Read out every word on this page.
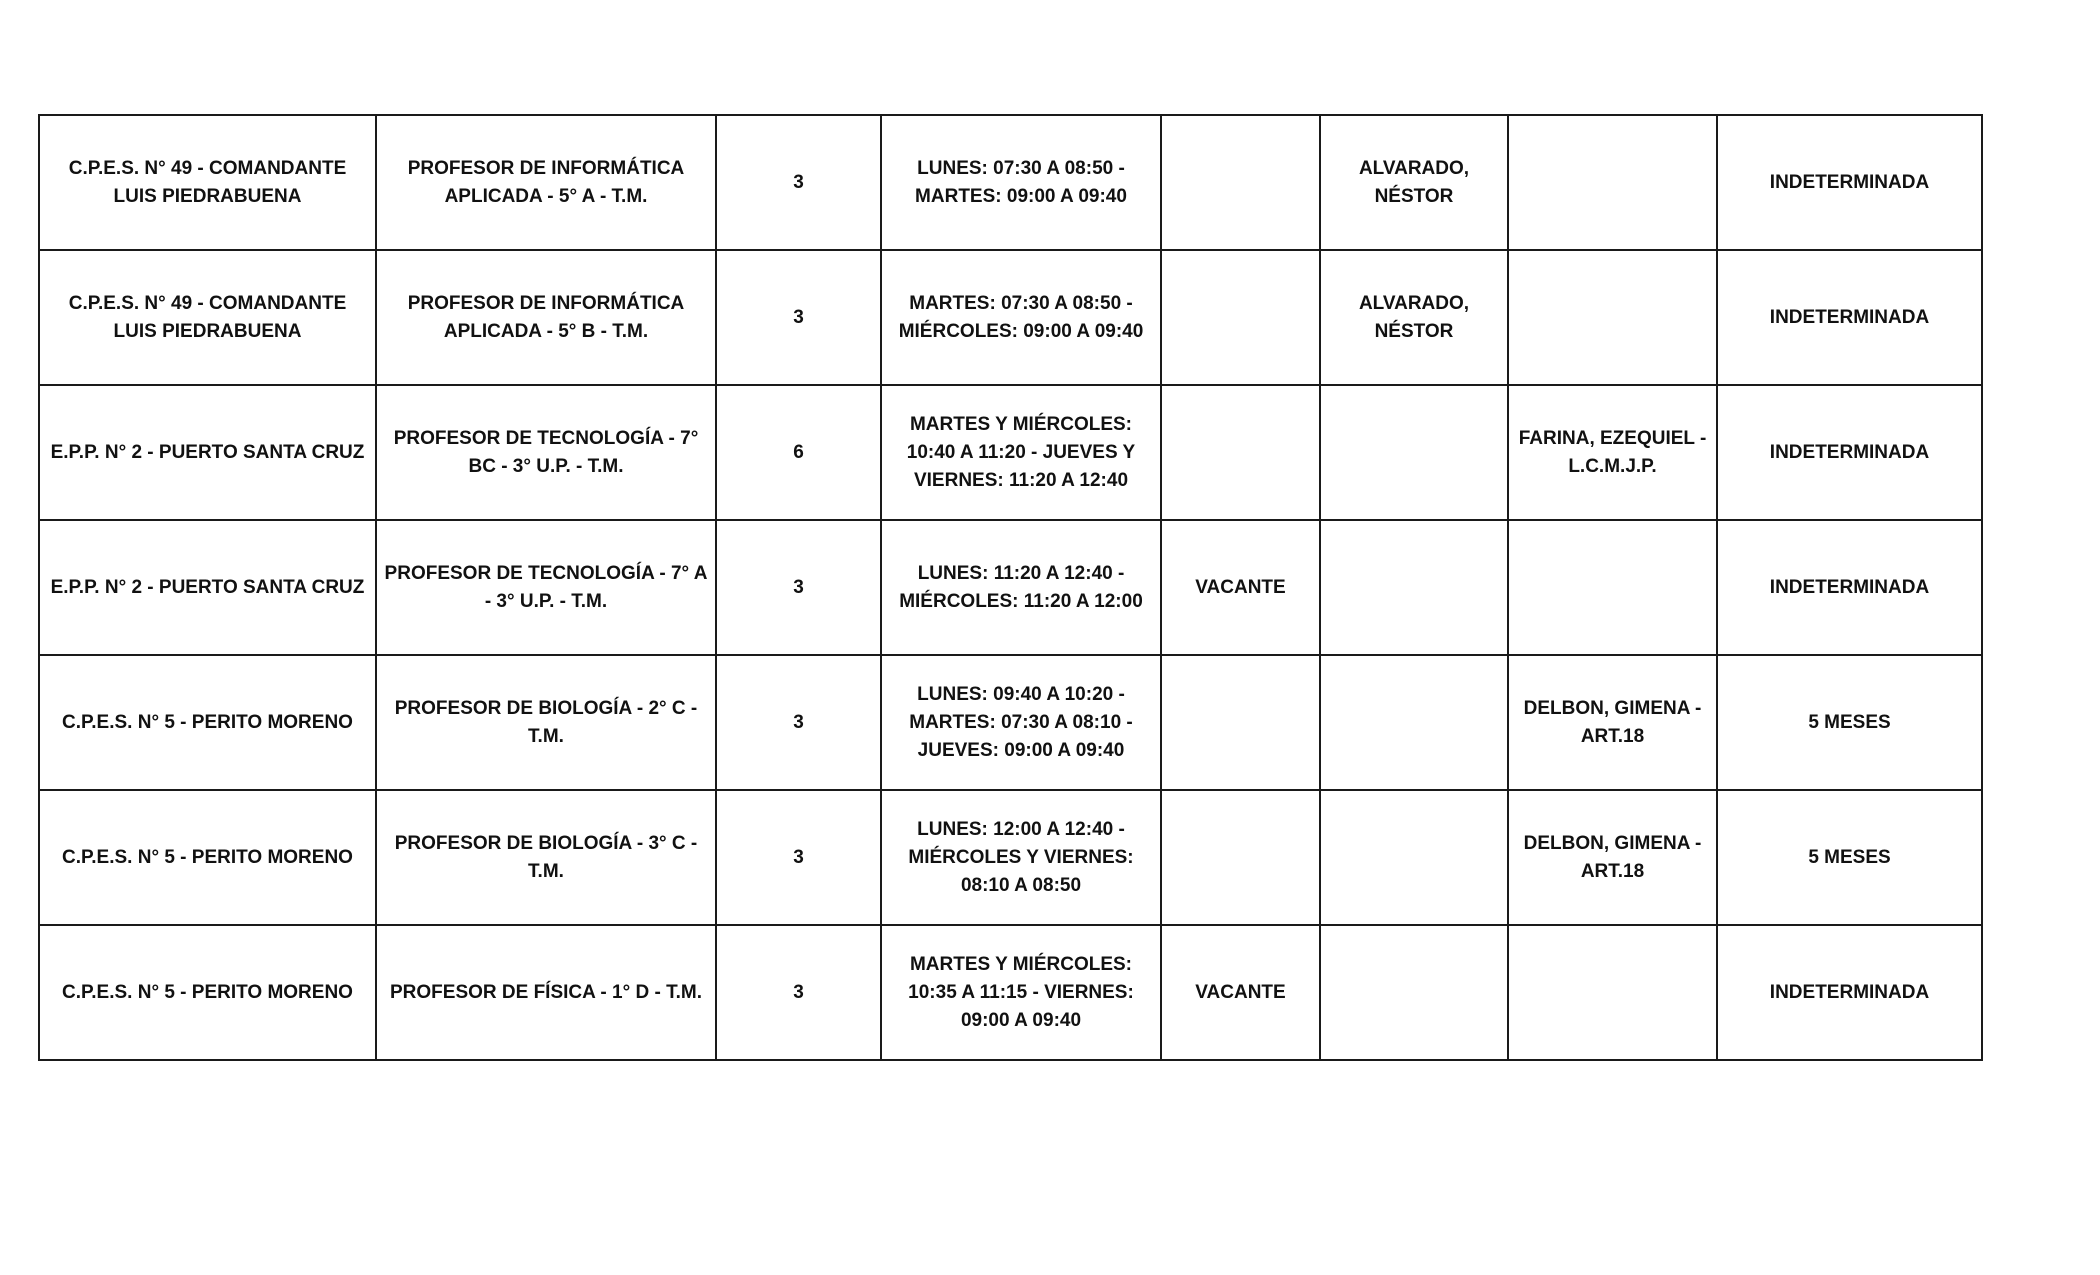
C.P.E.S. N° 49 - COMANDANTE LUIS PIEDRABUENA	PROFESOR DE INFORMÁTICA APLICADA - 5° A - T.M.	3	LUNES: 07:30 A 08:50 - MARTES: 09:00 A 09:40		ALVARADO, NÉSTOR		INDETERMINADA
C.P.E.S. N° 49 - COMANDANTE LUIS PIEDRABUENA	PROFESOR DE INFORMÁTICA APLICADA - 5° B - T.M.	3	MARTES: 07:30 A 08:50 - MIÉRCOLES: 09:00 A 09:40		ALVARADO, NÉSTOR		INDETERMINADA
E.P.P. N° 2 - PUERTO SANTA CRUZ	PROFESOR DE TECNOLOGÍA - 7° BC - 3° U.P. - T.M.	6	MARTES Y MIÉRCOLES: 10:40 A 11:20 - JUEVES Y VIERNES: 11:20 A 12:40			FARINA, EZEQUIEL - L.C.M.J.P.	INDETERMINADA
E.P.P. N° 2 - PUERTO SANTA CRUZ	PROFESOR DE TECNOLOGÍA - 7° A - 3° U.P. - T.M.	3	LUNES: 11:20 A 12:40 - MIÉRCOLES: 11:20 A 12:00	VACANTE			INDETERMINADA
C.P.E.S. N° 5 - PERITO MORENO	PROFESOR DE BIOLOGÍA - 2° C - T.M.	3	LUNES: 09:40 A 10:20 - MARTES: 07:30 A 08:10 - JUEVES: 09:00 A 09:40			DELBON, GIMENA - ART.18	5 MESES
C.P.E.S. N° 5 - PERITO MORENO	PROFESOR DE BIOLOGÍA - 3° C - T.M.	3	LUNES: 12:00 A 12:40 - MIÉRCOLES Y VIERNES: 08:10 A 08:50			DELBON, GIMENA - ART.18	5 MESES
C.P.E.S. N° 5 - PERITO MORENO	PROFESOR DE FÍSICA - 1° D - T.M.	3	MARTES Y MIÉRCOLES: 10:35 A 11:15 - VIERNES: 09:00 A 09:40	VACANTE			INDETERMINADA
